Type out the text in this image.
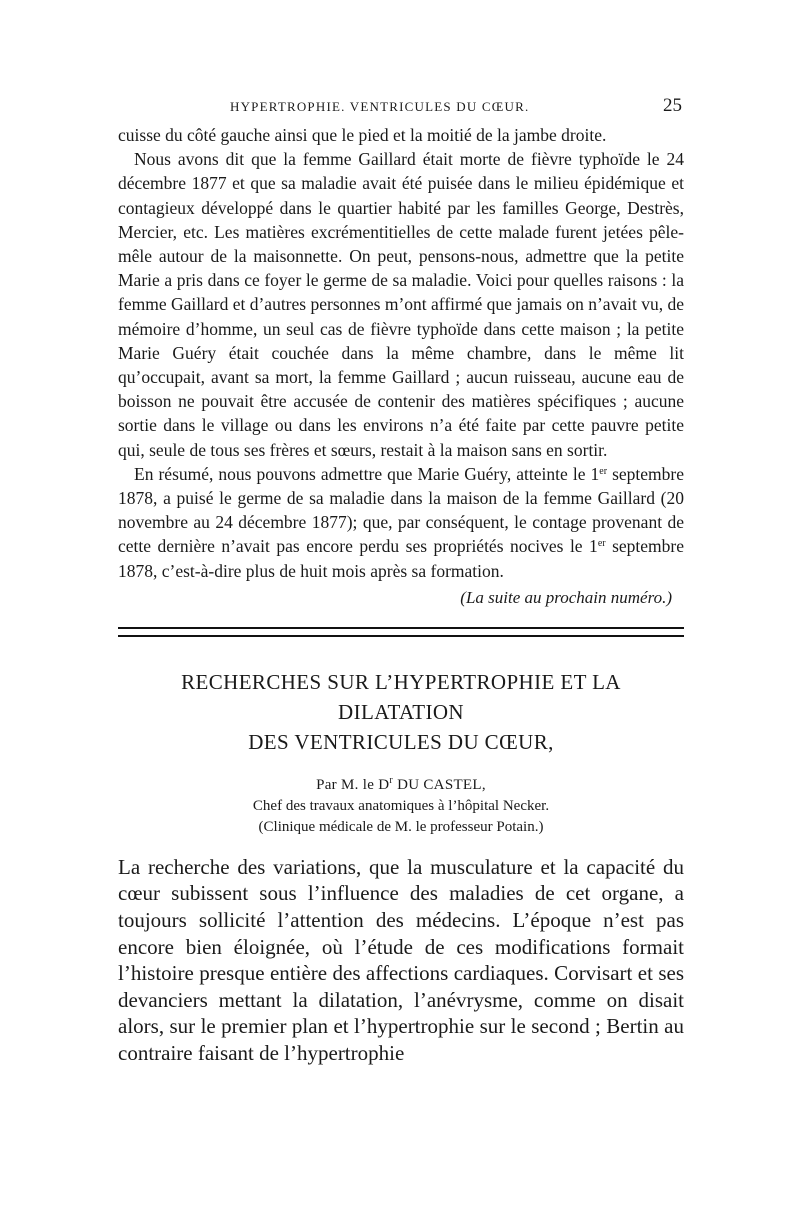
HYPERTROPHIE. VENTRICULES DU CŒUR.	25

cuisse du côté gauche ainsi que le pied et la moitié de la jambe droite.

Nous avons dit que la femme Gaillard était morte de fièvre typhoïde le 24 décembre 1877 et que sa maladie avait été puisée dans le milieu épidémique et contagieux développé dans le quartier habité par les familles George, Destrès, Mercier, etc. Les matières excrémentitielles de cette malade furent jetées pêle-mêle autour de la maisonnette. On peut, pensons-nous, admettre que la petite Marie a pris dans ce foyer le germe de sa maladie. Voici pour quelles raisons : la femme Gaillard et d’autres personnes m’ont affirmé que jamais on n’avait vu, de mémoire d’homme, un seul cas de fièvre typhoïde dans cette maison ; la petite Marie Guéry était couchée dans la même chambre, dans le même lit qu’occupait, avant sa mort, la femme Gaillard ; aucun ruisseau, aucune eau de boisson ne pouvait être accusée de contenir des matières spécifiques ; aucune sortie dans le village ou dans les environs n’a été faite par cette pauvre petite qui, seule de tous ses frères et sœurs, restait à la maison sans en sortir.

En résumé, nous pouvons admettre que Marie Guéry, atteinte le 1er septembre 1878, a puisé le germe de sa maladie dans la maison de la femme Gaillard (20 novembre au 24 décembre 1877); que, par conséquent, le contage provenant de cette dernière n’avait pas encore perdu ses propriétés nocives le 1er septembre 1878, c’est-à-dire plus de huit mois après sa formation.

(La suite au prochain numéro.)
RECHERCHES SUR L’HYPERTROPHIE ET LA DILATATION
DES VENTRICULES DU CŒUR,
Par M. le $D^r$ DU CASTEL,
Chef des travaux anatomiques à l’hôpital Necker.
(Clinique médicale de M. le professeur Potain.)

La recherche des variations, que la musculature et la capacité du cœur subissent sous l’influence des maladies de cet organe, a toujours sollicité l’attention des médecins. L’époque n’est pas encore bien éloignée, où l’étude de ces modifications formait l’histoire presque entière des affections cardiaques. Corvisart et ses devanciers mettant la dilatation, l’anévrysme, comme on disait alors, sur le premier plan et l’hypertrophie sur le second ; Bertin au contraire faisant de l’hypertrophie
